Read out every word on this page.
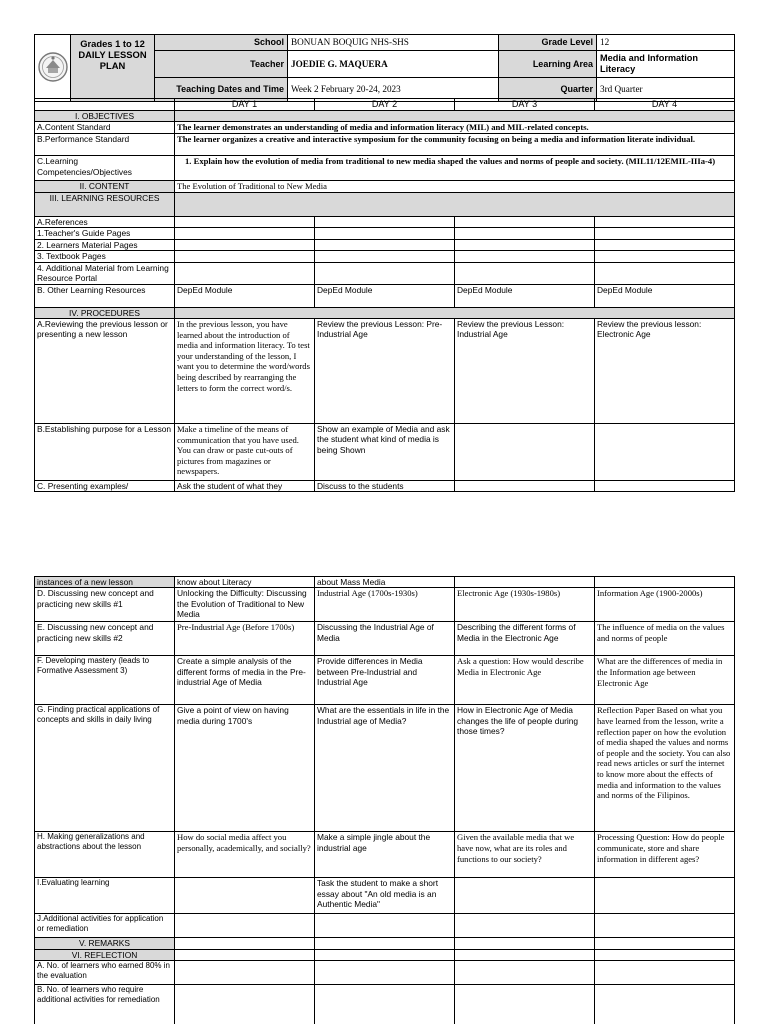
Grades 1 to 12
DAILY LESSON
PLAN	School	BONUAN BOQUIG NHS-SHS	Grade Level	12
		Teacher	JOEDIE G. MAQUERA	Learning Area	Media and Information Literacy
		Teaching Dates and Time	Week 2 February 20-24, 2023	Quarter	3rd Quarter
	DAY 1	DAY 2	DAY 3	DAY 4
I. OBJECTIVES				
A.Content Standard	The learner demonstrates an understanding of media and information literacy (MIL) and MIL-related concepts.			
B.Performance Standard	The learner organizes a creative and interactive symposium for the community focusing on being a media and information literate individual.			
C.Learning Competencies/Objectives	1. Explain how the evolution of media from traditional to new media shaped the values and norms of people and society. (MIL11/12EMIL-IIIa-4)			
II. CONTENT	The Evolution of Traditional to New Media			
III. LEARNING RESOURCES				
A.References				
1.Teacher's Guide Pages				
2. Learners Material Pages				
3. Textbook Pages				
4. Additional Material from Learning Resource Portal				
B. Other Learning Resources	DepEd Module	DepEd Module	DepEd Module	DepEd Module
IV. PROCEDURES				
A.Reviewing the previous lesson or presenting a new lesson	In the previous lesson, you have learned about the introduction of media and information literacy. To test your understanding of the lesson, I want you to determine the word/words being described by rearranging the letters to form the correct word/s.	Review the previous Lesson: Pre-Industrial Age	Review the previous Lesson: Industrial Age	Review the previous lesson: Electronic Age
B.Establishing purpose for a Lesson	Make a timeline of the means of communication that you have used. You can draw or paste cut-outs of pictures from magazines or newspapers.	Show an example of Media and ask the student what kind of media is being Shown		
C. Presenting examples/	Ask the student of what they	Discuss to the students		
instances of a new lesson	know about Literacy	about Mass Media		
D. Discussing new concept and practicing new skills #1	Unlocking the Difficulty: Discussing the Evolution of Traditional to New Media	Industrial Age (1700s-1930s)	Electronic Age (1930s-1980s)	Information Age (1900-2000s)
E. Discussing new concept and practicing new skills #2	Pre-Industrial Age (Before 1700s)	Discussing the Industrial Age of Media	Describing the different forms of Media in the Electronic Age	The influence of media on the values and norms of people
F. Developing mastery (leads to Formative Assessment 3)	Create a simple analysis of the different forms of media in the Pre-industrial Age of Media	Provide differences in Media between Pre-Industrial and Industrial Age	Ask a question: How would describe Media in Electronic Age	What are the differences of media in the Information age between Electronic Age
G. Finding practical applications of concepts and skills in daily living	Give a point of view on having media during 1700's	What are the essentials in life in the Industrial age of Media?	How in Electronic Age of Media changes the life of people during those times?	Reflection Paper Based on what you have learned from the lesson, write a reflection paper on how the evolution of media shaped the values and norms of people and the society. You can also read news articles or surf the internet to know more about the effects of media and information to the values and norms of the Filipinos.
H. Making generalizations and abstractions about the lesson	How do social media affect you personally, academically, and socially?	Make a simple jingle about the industrial age	Given the available media that we have now, what are its roles and functions to our society?	Processing Question: How do people communicate, store and share information in different ages?
I.Evaluating learning		Task the student to make a short essay about "An old media is an Authentic Media"		
J.Additional activities for application or remediation				
V. REMARKS				
VI. REFLECTION				
A. No. of learners who earned 80% in the evaluation				
B. No. of learners who require additional activities for remediation				
